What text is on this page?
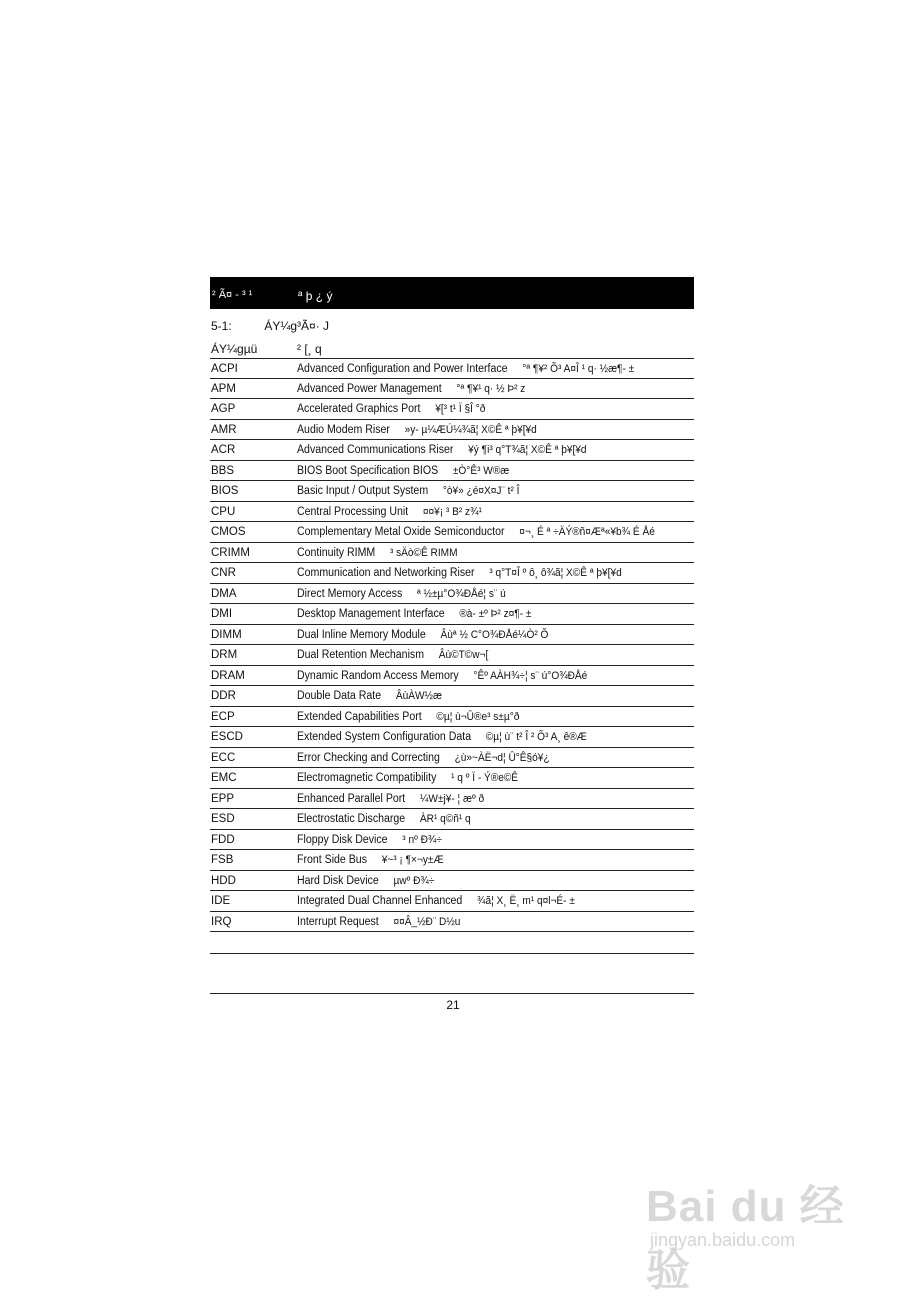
² Ã¤ - ³ ¹	ª þ ¿ ý
5-1:	ÁY¼g³Ã¤· J
ÁY¼gµü	² [¸ q
ACPI	Advanced Configuration and Power Interface °ª ¶¥² Õ³ A¤Î ¹ q· ½æ¶- ±
APM	Advanced Power Management °ª ¶¥¹ q· ½ Þ² z
AGP	Accelerated Graphics Port ¥[³ t¹ Ï §Î °ð
AMR	Audio Modem Riser »y- µ¼ÆÚ¼¾ã¦ X©Ê ª þ¥[¥d
ACR	Advanced Communications Riser ¥ý ¶i³ q°T¾ã¦ X©Ê ª þ¥[¥d
BBS	BIOS Boot Specification BIOS ±Ò°Ê³ W®æ
BIOS	Basic Input / Output System °ò¥» ¿é¤X¤J¨ t² Î
CPU	Central Processing Unit ¤¤¥¡ ³ B² z¾¹
CMOS	Complementary Metal Oxide Semiconductor ¤¬¸ É ª ÷ÄÝ®ñ¤Æª«¥b¾ É Åé
CRIMM	Continuity RIMM ³ sÄò©Ê RIMM
CNR	Communication and Networking Riser ³ q°T¤Î º ô¸ ô¾ã¦ X©Ê ª þ¥[¥d
DMA	Direct Memory Access ª ½±µ°O¾ÐÅé¦ s¨ ú
DMI	Desktop Management Interface ®à- ±º Þ² z¤¶- ±
DIMM	Dual Inline Memory Module Âùª ½ C°O¾ÐÅé¼Ò² Õ
DRM	Dual Retention Mechanism Âù©T©w¬[
DRAM	Dynamic Random Access Memory °Êº AÀH¾÷¦ s¨ ú°O¾ÐÅé
DDR	Double Data Rate ÂùÀW½æ
ECP	Extended Capabilities Port ©µ¦ ù¬Û®e³ s±µ°ð
ESCD	Extended System Configuration Data ©µ¦ ù¨ t² Î ² Õ³ A¸ ê®Æ
ECC	Error Checking and Correcting ¿ù»~ÀË¬d¦ Û°Ê§ó¥¿
EMC	Electromagnetic Compatibility ¹ q º Ï - Ý®e©Ê
EPP	Enhanced Parallel Port ¼W±j¥- ¦ æº ð
ESD	Electrostatic Discharge ÀR¹ q©ñ¹ q
FDD	Floppy Disk Device ³ nº Ð¾÷
FSB	Front Side Bus ¥~³ ¡ ¶×¬y±Æ
HDD	Hard Disk Device µwº Ð¾÷
IDE	Integrated Dual Channel Enhanced ¾ã¦ X¸ Ë¸ m¹ q¤l¬É- ±
IRQ	Interrupt Request ¤¤Â_½Ð¨ D½u
21
Bai du 经验
jingyan.baidu.com
